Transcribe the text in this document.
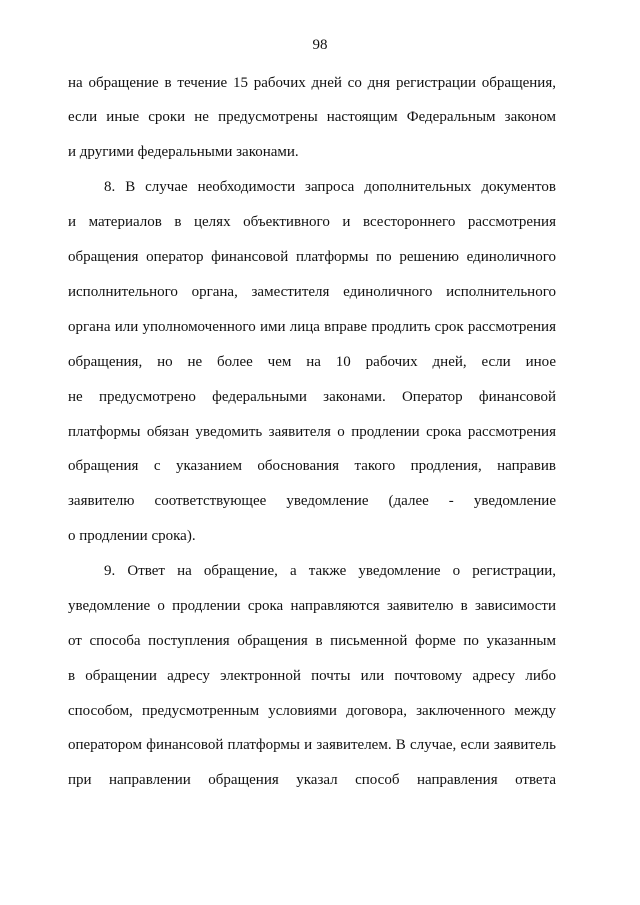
98
на обращение в течение 15 рабочих дней со дня регистрации обращения,
если иные сроки не предусмотрены настоящим Федеральным законом
и другими федеральными законами.
8. В случае необходимости запроса дополнительных документов
и материалов в целях объективного и всестороннего рассмотрения
обращения оператор финансовой платформы по решению единоличного
исполнительного органа, заместителя единоличного исполнительного
органа или уполномоченного ими лица вправе продлить срок рассмотрения
обращения, но не более чем на 10 рабочих дней, если иное
не предусмотрено федеральными законами. Оператор финансовой
платформы обязан уведомить заявителя о продлении срока рассмотрения
обращения с указанием обоснования такого продления, направив
заявителю соответствующее уведомление (далее - уведомление
о продлении срока).
9. Ответ на обращение, а также уведомление о регистрации,
уведомление о продлении срока направляются заявителю в зависимости
от способа поступления обращения в письменной форме по указанным
в обращении адресу электронной почты или почтовому адресу либо
способом, предусмотренным условиями договора, заключенного между
оператором финансовой платформы и заявителем. В случае, если заявитель
при направлении обращения указал способ направления ответа
